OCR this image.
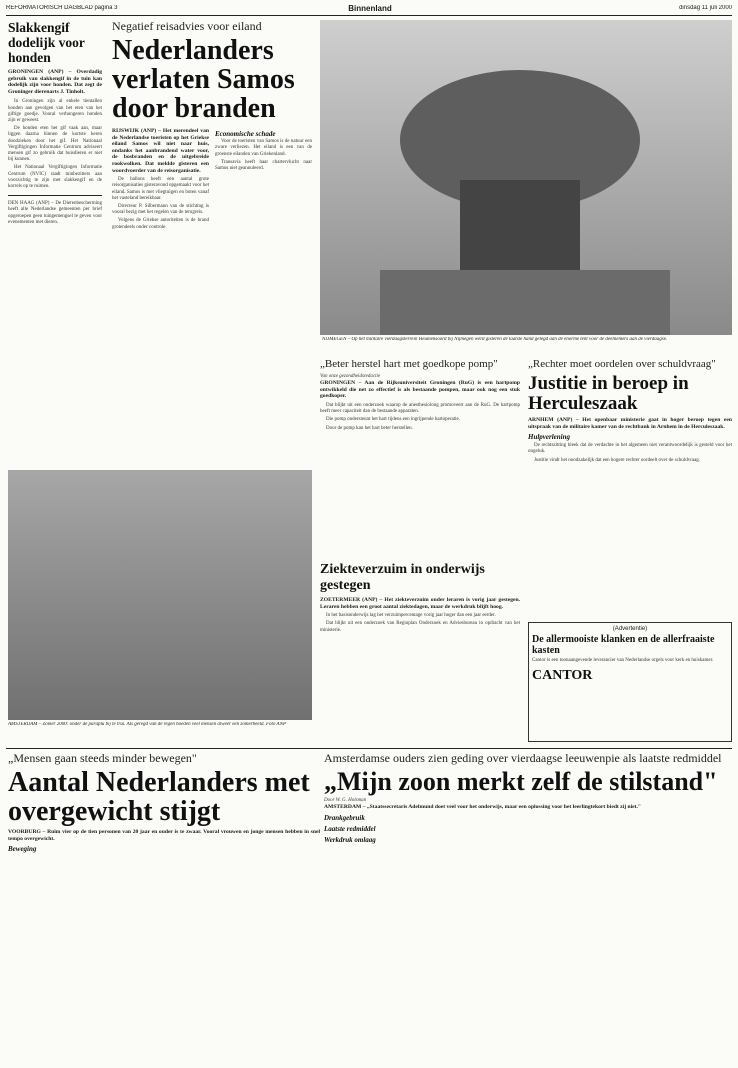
REFORMATORISCH DAGBLAD pagina 3	Binnenland	dinsdag 11 juli 2000
Slakkengif dodelijk voor honden
GRONINGEN (ANP) – Overdadig gebruik van slakkengif in de tuin kan dodelijk zijn voor honden. Dat zegt de Groninger dierenarts J. Tinholt.

In Groningen zijn al enkele tientallen honden aan gevolgen van het eten van het giftige goedje. Vooral verhongeren honden zijn er geweest.

De honden eten het gif vaak aan, maar liggen daarna binnen de kortste keren doodzieken door het gif. Het Nationaal Vergiftigingen Informatie Centrum adviseert mensen gif zo gebruik dat huisdieren er niet bij kunnen.

Het Nationaal Vergiftigingen Informatie Centrum (NVIC) raadt tuinbezitters aan voorzichtig te zijn met slakkengif en de korrels op te ruimen.

DEN HAAG (ANP) – De Dierenbescherming heeft alle Nederlandse gemeenten per brief opgeroepen geen tuingemengsel te geven voor evenementen met dieren.
Negatief reisadvies voor eiland
Nederlanders verlaten Samos door branden
RIJSWIJK (ANP) – Het merendeel van de Nederlandse toeristen op het Griekse eiland Samos wil niet naar huis, ondanks het aanbrandend water voor, de bosbranden en de uitgebreide rookwolken. Dat meldde gisteren een woordvoerder van de reisorganisatie.

De ballons heeft een aantal grote reisorganisaties gisteravond opgemaakt voor het eiland. Samos is met vliegtuigen en boten vanaf het vasteland bereikbaar.

Directeur P. Silbermann van de stichting is vooral bezig met het regelen van de terugreis.

Volgens de Griekse autoriteiten is de brand grotendeels onder controle.

Economische schade

Voor de toeristen van Samos is de natuur een zware verliezen. Het eiland is een van de groenste eilanden van Griekenland.

Transavia heeft haar chartervlucht naar Samos niet geannuleerd.

NIJMEGEN – Op het militaire vierdaagsterrein Heumensoord bij Nijmegen werd gisteren de laatste hand gelegd aan de enorme tent voor de deelnemers aan de vierdaagse.
„Beter herstel hart met goedkope pomp"
Van onze gezondheidsredactie
GRONINGEN – Aan de Rijksuniversiteit Groningen (RuG) is een hartpomp ontwikkeld die net zo effectief is als bestaande pompen, maar ook nog een stuk goedkoper.

Dat blijkt uit een onderzoek waarop de anesthesioloog promoveert aan de RuG. De hartpomp heeft meer capaciteit dan de bestaande apparaten.

Die pomp ondersteunt het hart tijdens een ingrijpende hartoperatie.

Door de pomp kan het hart beter herstellen.

Ziekteverzuim in onderwijs gestegen
ZOETERMEER (ANP) – Het ziekteverzuim onder leraren is vorig jaar gestegen. Leraren hebben een groot aantal ziektedagen, maar de werkdruk blijft hoog.

In het basisonderwijs lag het verzuimpercentage vorig jaar hoger dan een jaar eerder.

Dat blijkt uit een onderzoek van Regioplan Onderzoek en Adviesbureau in opdracht van het ministerie.

„Rechter moet oordelen over schuldvraag"
Justitie in beroep in Herculeszaak
ARNHEM (ANP) – Het openbaar ministerie gaat in hoger beroep tegen een uitspraak van de militaire kamer van de rechtbank in Arnhem in de Herculeszaak.
Hulpverlening

De rechtszitting bleek dat de verdachte in het algemeen niet verantwoordelijk is gesteld voor het ongeluk.

Justitie vindt het noodzakelijk dat een hogere rechter oordeelt over de schuldvraag.

(Advertentie)
De allermooiste klanken en de allerfraaiste kasten
Cantor is een toonaangevende leverancier van Nederlandse orgels voor kerk en huiskamer.
CANTOR
AMSTERDAM – Zomer 2000: onder de paraplu bij te trui. Als geregd van de regen hoeden veel mensen alweer een zomerbeeld. Foto ANP
„Mensen gaan steeds minder bewegen"
Aantal Nederlanders met overgewicht stijgt
VOORBURG – Ruim vier op de tien personen van 20 jaar en ouder is te zwaar. Vooral vrouwen en jonge mensen hebben in snel tempo overgewicht.
Beweging
Amsterdamse ouders zien geding over vierdaagse leeuwenpie als laatste redmiddel
„Mijn zoon merkt zelf de stilstand"
Door W. G. Holsman
AMSTERDAM – „Staatssecretaris Adelmund doet veel voor het onderwijs, maar een oplossing voor het leerlingtekort biedt zij niet."
Drankgebruik
Laatste redmiddel
Werkdruk omlaag
